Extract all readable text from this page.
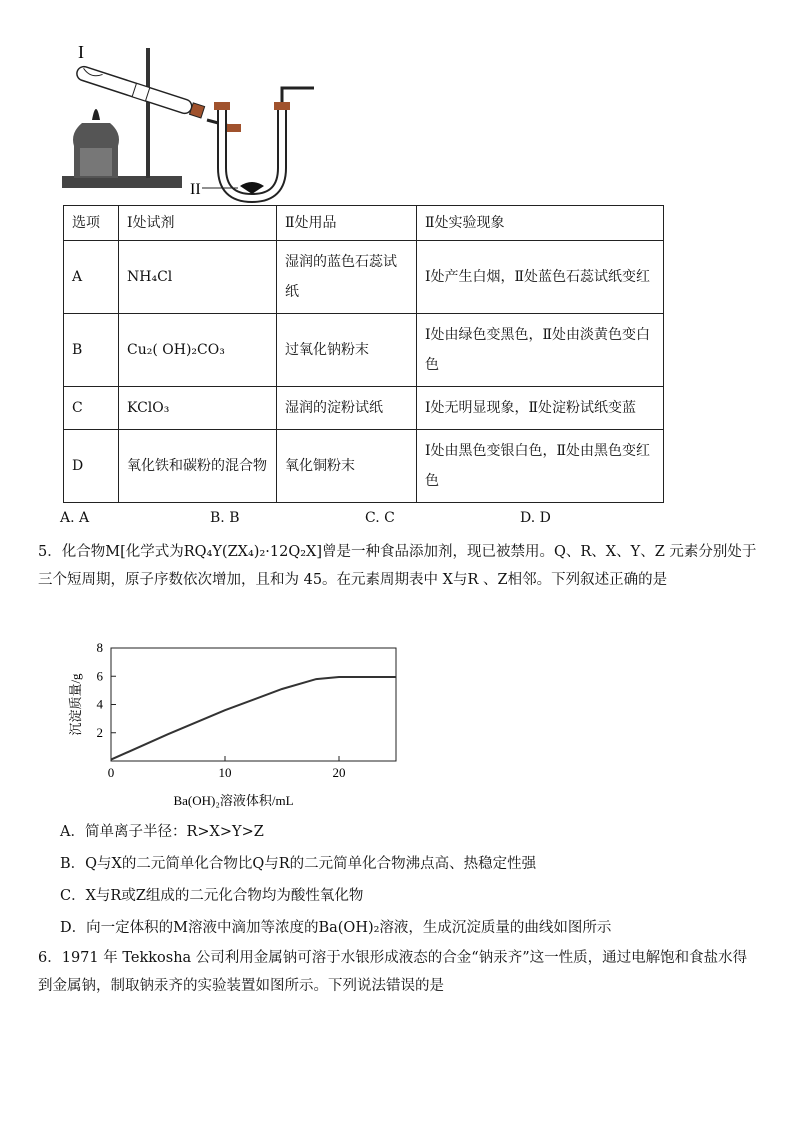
I
II
选项	Ⅰ处试剂	Ⅱ处用品	Ⅱ处实验现象
A	NH₄Cl	湿润的蓝色石蕊试纸	Ⅰ处产生白烟，Ⅱ处蓝色石蕊试纸变红
B	Cu₂( OH)₂CO₃	过氧化钠粉末	Ⅰ处由绿色变黑色，Ⅱ处由淡黄色变白色
C	KClO₃	湿润的淀粉试纸	Ⅰ处无明显现象，Ⅱ处淀粉试纸变蓝
D	氧化铁和碳粉的混合物	氧化铜粉末	Ⅰ处由黑色变银白色，Ⅱ处由黑色变红色
A. A	B. B	C. C	D. D
5．化合物M[化学式为RQ₄Y(ZX₄)₂·12Q₂X]曾是一种食品添加剂，现已被禁用。Q、R、X、Y、Z 元素分别处于三个短周期，原子序数依次增加，且和为 45。在元素周期表中 X与R 、Z相邻。下列叙述正确的是
2
4
6
8
0	10	20
Ba(OH)₂溶液体积/mL
沉淀质量/g
A．简单离子半径：R>X>Y>Z
B．Q与X的二元简单化合物比Q与R的二元简单化合物沸点高、热稳定性强
C．X与R或Z组成的二元化合物均为酸性氧化物
D．向一定体积的M溶液中滴加等浓度的Ba(OH)₂溶液，生成沉淀质量的曲线如图所示
6．1971 年 Tekkosha 公司利用金属钠可溶于水银形成液态的合金“钠汞齐”这一性质，通过电解饱和食盐水得到金属钠，制取钠汞齐的实验装置如图所示。下列说法错误的是
